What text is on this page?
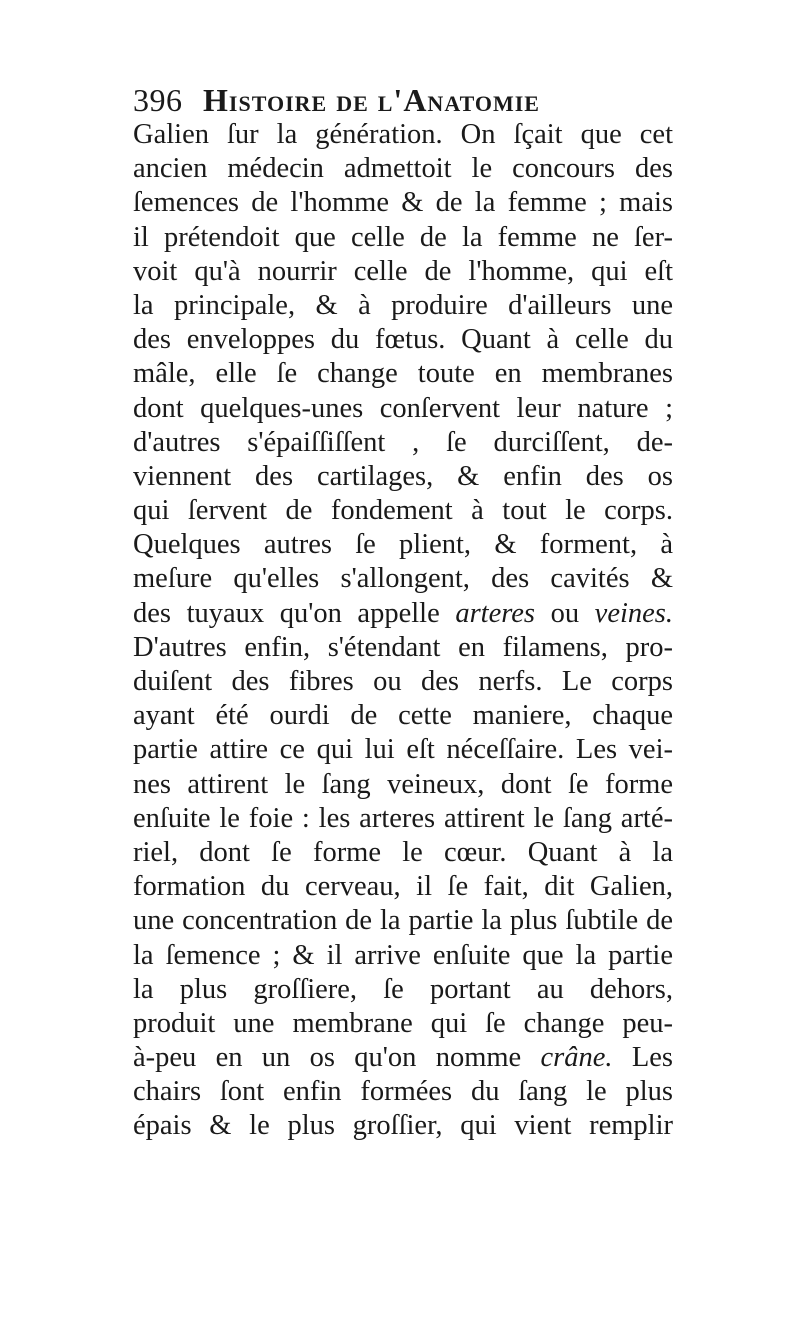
396 Histoire de l'Anatomie
Galien ſur la génération. On ſçait que cet
ancien médecin admettoit le concours des
ſemences de l'homme & de la femme ; mais
il prétendoit que celle de la femme ne ſer-
voit qu'à nourrir celle de l'homme, qui eſt
la principale, & à produire d'ailleurs une
des enveloppes du fœtus. Quant à celle du
mâle, elle ſe change toute en membranes
dont quelques-unes conſervent leur nature ;
d'autres s'épaiſſiſſent , ſe durciſſent, de-
viennent des cartilages, & enfin des os
qui ſervent de fondement à tout le corps.
Quelques autres ſe plient, & forment, à
meſure qu'elles s'allongent, des cavités &
des tuyaux qu'on appelle arteres ou veines.
D'autres enfin, s'étendant en filamens, pro-
duiſent des fibres ou des nerfs. Le corps
ayant été ourdi de cette maniere, chaque
partie attire ce qui lui eſt néceſſaire. Les vei-
nes attirent le ſang veineux, dont ſe forme
enſuite le foie : les arteres attirent le ſang arté-
riel, dont ſe forme le cœur. Quant à la
formation du cerveau, il ſe fait, dit Galien,
une concentration de la partie la plus ſubtile de
la ſemence ; & il arrive enſuite que la partie
la plus groſſiere, ſe portant au dehors,
produit une membrane qui ſe change peu-
à-peu en un os qu'on nomme crâne. Les
chairs ſont enfin formées du ſang le plus
épais & le plus groſſier, qui vient remplir
